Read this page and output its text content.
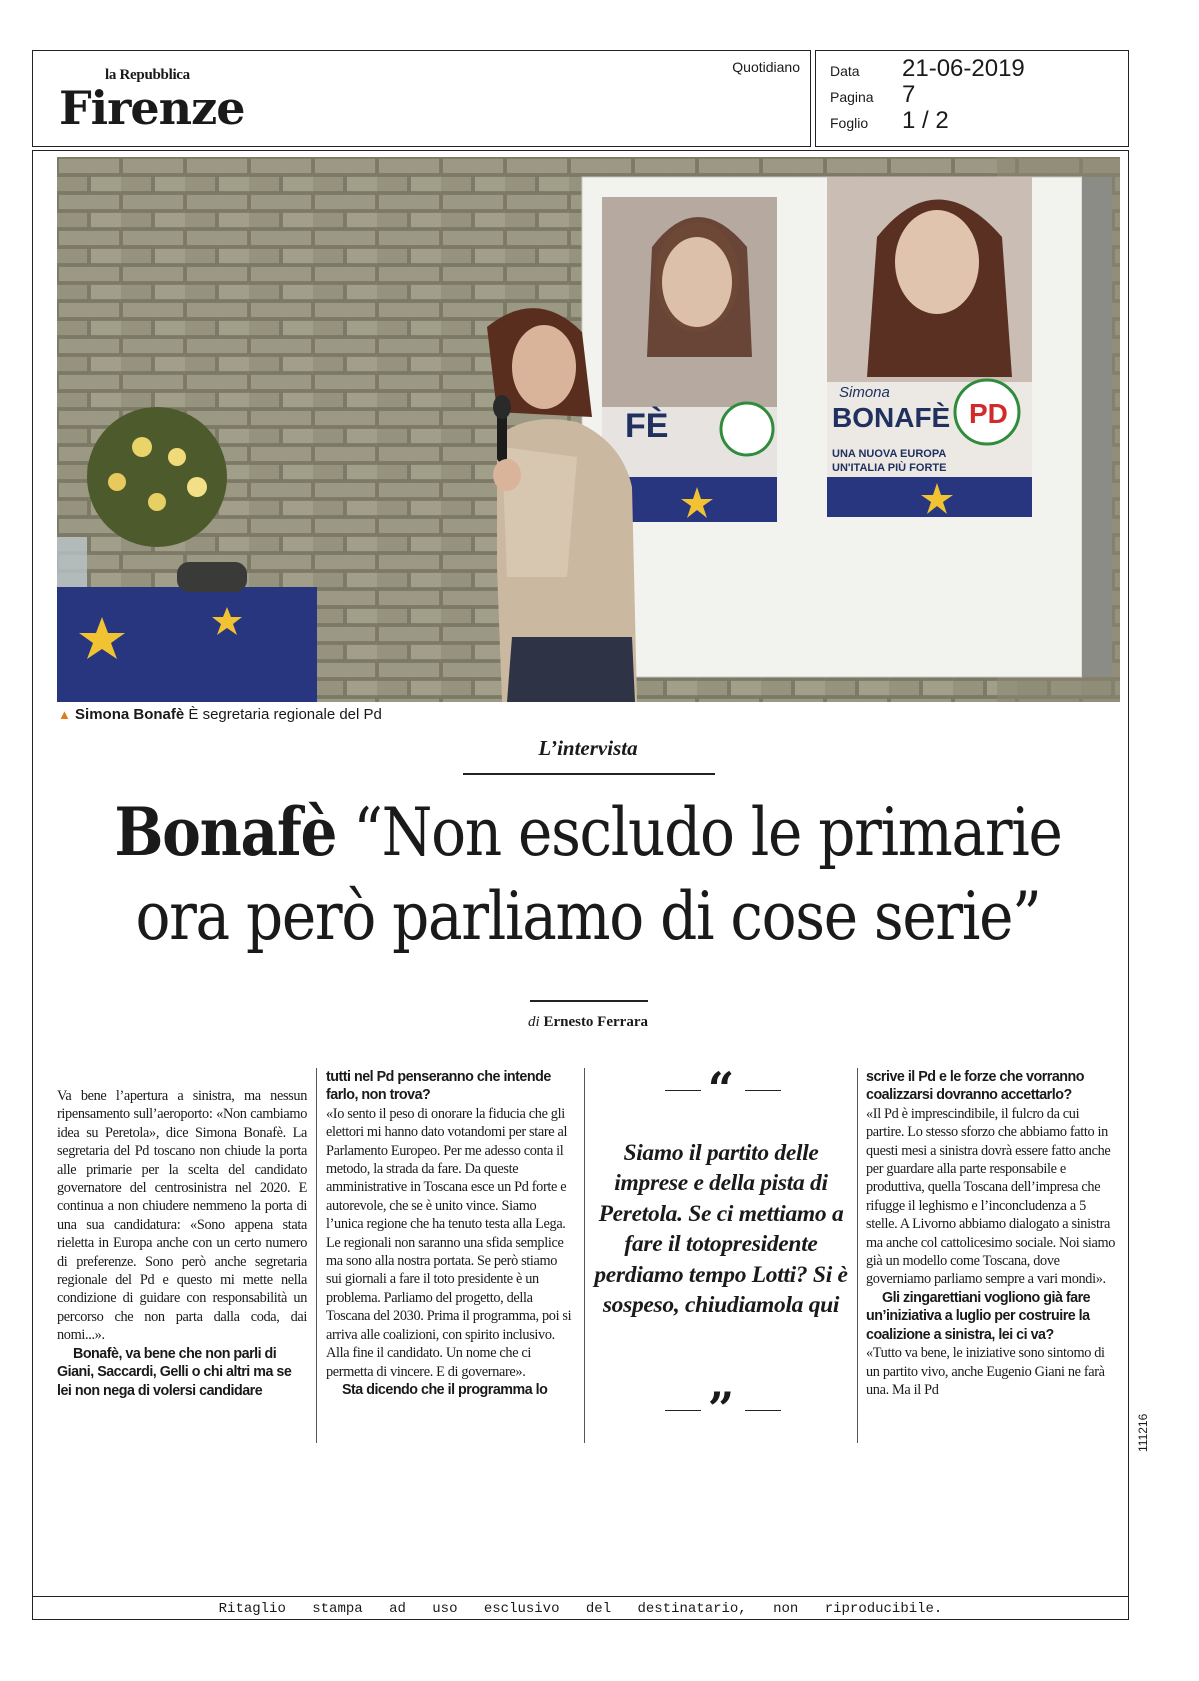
la Repubblica
Firenze
Quotidiano Data 21-06-2019
Pagina 7
Foglio 1 / 2
FÈ
Simona
BONAFÈ
UNA NUOVA EUROPA
UN'ITALIA PIÙ FORTE
PD
▲ Simona Bonafè È segretaria regionale del Pd
L’intervista
Bonafè “Non escludo le primarie
ora però parliamo di cose serie”
di Ernesto Ferrara

Va bene l’apertura a sinistra, ma nessun ripensamento sull’aeroporto: «Non cambiamo idea su Peretola», dice Simona Bonafè. La segretaria del Pd toscano non chiude la porta alle primarie per la scelta del candidato governatore del centrosinistra nel 2020. E continua a non chiudere nemmeno la porta di una sua candidatura: «Sono appena stata rieletta in Europa anche con un certo numero di preferenze. Sono però anche segretaria regionale del Pd e questo mi mette nella condizione di guidare con responsabilità un percorso che non parta dalla coda, dai nomi...».

Bonafè, va bene che non parli di Giani, Saccardi, Gelli o chi altri ma se lei non nega di volersi candidare

tutti nel Pd penseranno che intende farlo, non trova?

«Io sento il peso di onorare la fiducia che gli elettori mi hanno dato votandomi per stare al Parlamento Europeo. Per me adesso conta il metodo, la strada da fare. Da queste amministrative in Toscana esce un Pd forte e autorevole, che se è unito vince. Siamo l’unica regione che ha tenuto testa alla Lega. Le regionali non saranno una sfida semplice ma sono alla nostra portata. Se però stiamo sui giornali a fare il toto presidente è un problema. Parliamo del progetto, della Toscana del 2030. Prima il programma, poi si arriva alle coalizioni, con spirito inclusivo. Alla fine il candidato. Un nome che ci permetta di vincere. E di governare».

Sta dicendo che il programma lo

“
Siamo il partito delle imprese e della pista di Peretola. Se ci mettiamo a fare il totopresidente perdiamo tempo Lotti? Si è sospeso, chiudiamola qui
”

scrive il Pd e le forze che vorranno coalizzarsi dovranno accettarlo?

«Il Pd è imprescindibile, il fulcro da cui partire. Lo stesso sforzo che abbiamo fatto in questi mesi a sinistra dovrà essere fatto anche per guardare alla parte responsabile e produttiva, quella Toscana dell’impresa che rifugge il leghismo e l’inconcludenza a 5 stelle. A Livorno abbiamo dialogato a sinistra ma anche col cattolicesimo sociale. Noi siamo già un modello come Toscana, dove governiamo parliamo sempre a vari mondi».

Gli zingarettiani vogliono già fare un’iniziativa a luglio per costruire la coalizione a sinistra, lei ci va?

«Tutto va bene, le iniziative sono sintomo di un partito vivo, anche Eugenio Giani ne farà una. Ma il Pd

111216
Ritaglio stampa ad uso esclusivo del destinatario, non riproducibile.
